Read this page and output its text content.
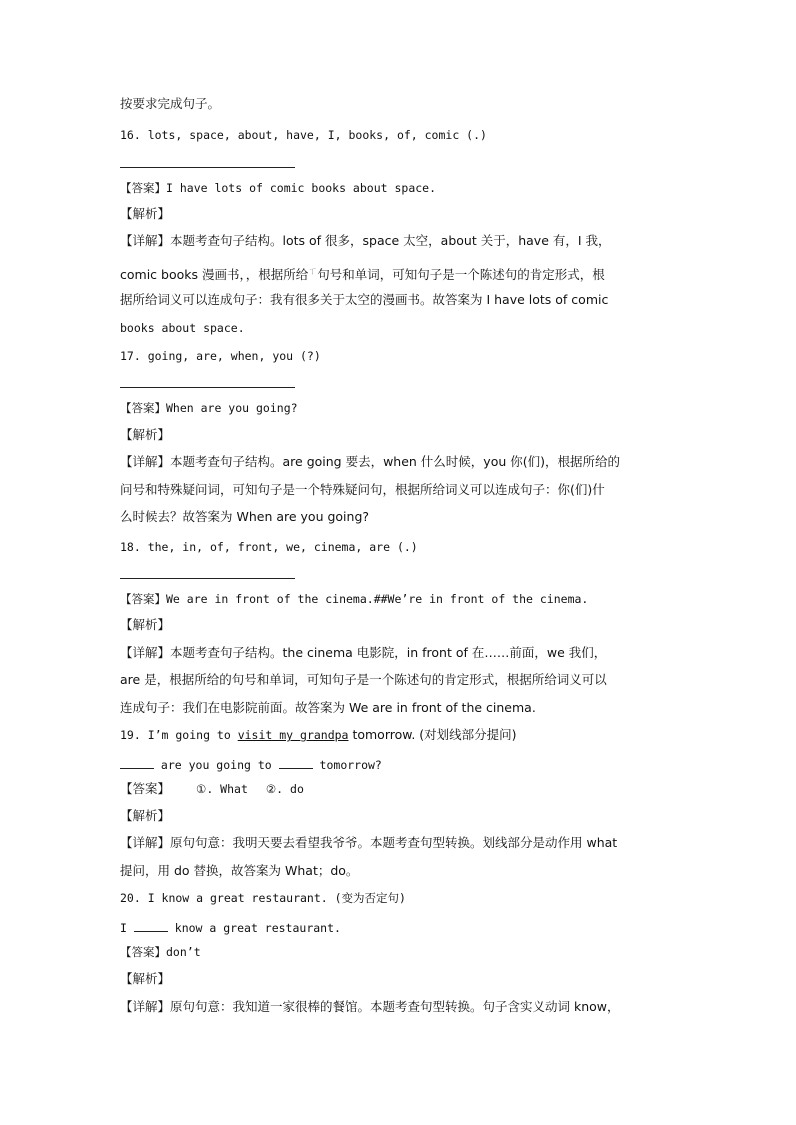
按要求完成句子。
16. lots, space, about, have, I, books, of, comic (.)
【答案】I have lots of comic books about space.
【解析】
【详解】本题考查句子结构。lots of 很多，space 太空，about 关于，have 有，I 我，
comic books 漫画书，，根据所给$^ㄒ$句号和单词，可知句子是一个陈述句的肯定形式，根
据所给词义可以连成句子：我有很多关于太空的漫画书。故答案为 I have lots of comic
books about space.
17. going, are, when, you (?)
【答案】When are you going?
【解析】
【详解】本题考查句子结构。are going 要去，when 什么时候，you 你(们)，根据所给的
问号和特殊疑问词，可知句子是一个特殊疑问句，根据所给词义可以连成句子：你(们)什
么时候去？故答案为 When are you going?
18. the, in, of, front, we, cinema, are (.)
【答案】We are in front of the cinema.##We’re in front of the cinema.
【解析】
【详解】本题考查句子结构。the cinema 电影院，in front of 在……前面，we 我们，
are 是，根据所给的句号和单词，可知句子是一个陈述句的肯定形式，根据所给词义可以
连成句子：我们在电影院前面。故答案为 We are in front of the cinema.
19. I’m going to visit my grandpa tomorrow. (对划线部分提问)
are you going to	tomorrow?
【答案】 ①. What ②. do
【解析】
【详解】原句句意：我明天要去看望我爷爷。本题考查句型转换。划线部分是动作用 what
提问，用 do 替换，故答案为 What；do。
20. I know a great restaurant. (变为否定句)
I	know a great restaurant.
【答案】don’t
【解析】
【详解】原句句意：我知道一家很棒的餐馆。本题考查句型转换。句子含实义动词 know，
